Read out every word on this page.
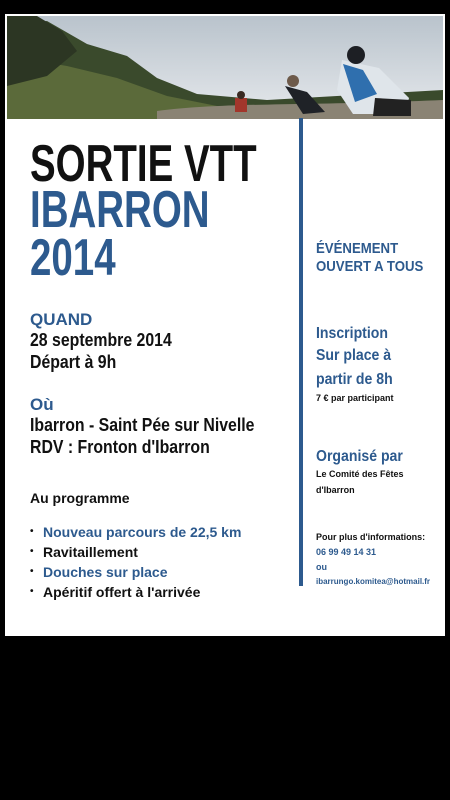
SORTIE VTT
IBARRON
2014
QUAND
28 septembre 2014
Départ à 9h
Où
Ibarron - Saint Pée sur Nivelle
RDV : Fronton d'Ibarron
Au programme
• Nouveau parcours de 22,5 km
• Ravitaillement
• Douches sur place
• Apéritif offert à l'arrivée
ÉVÉNEMENT
OUVERT A TOUS
Inscription
Sur place à
partir de 8h
7 € par participant
Organisé par
Le Comité des Fêtes
d'Ibarron
Pour plus d'informations:
06 99 49 14 31
ou
ibarrungo.komitea@hotmail.fr
